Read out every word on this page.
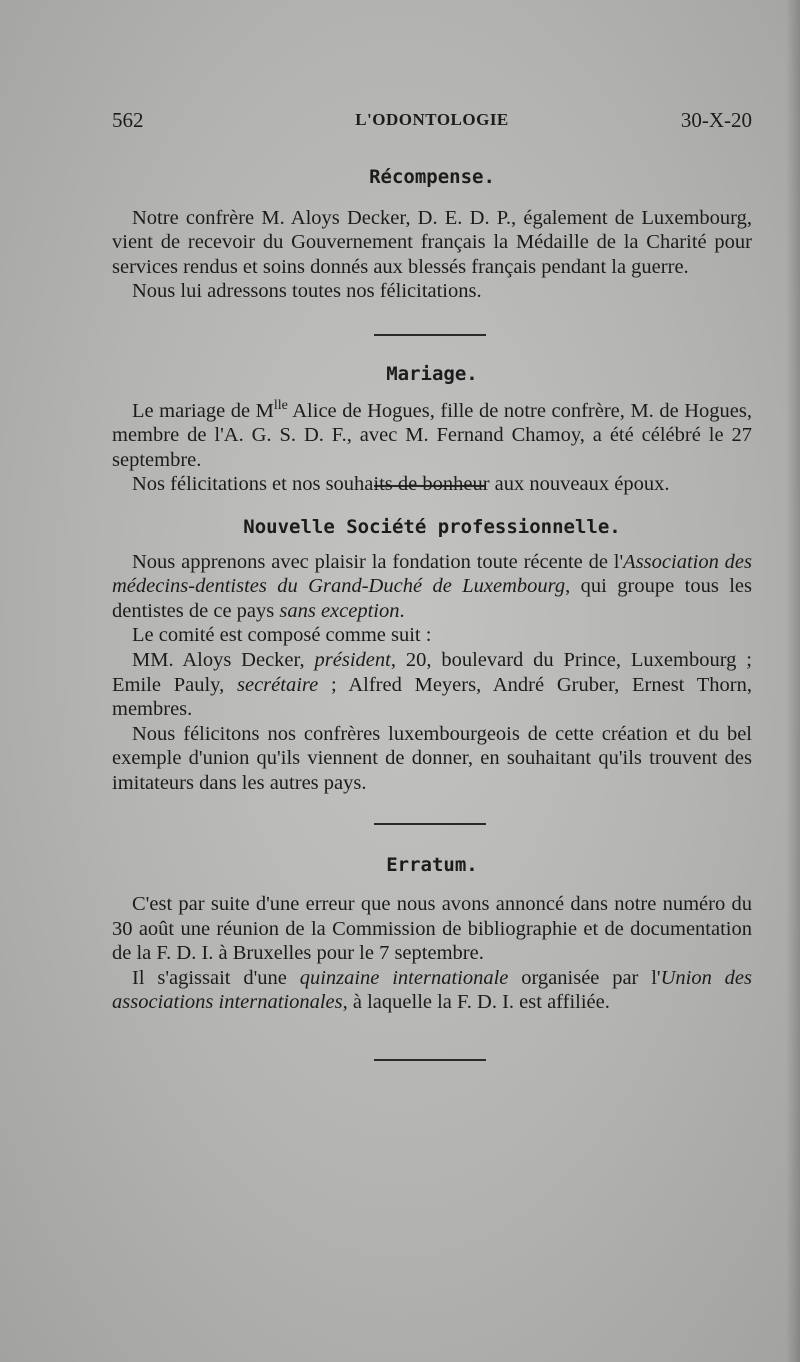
562	L'ODONTOLOGIE	30-X-20
Récompense.

Notre confrère M. Aloys Decker, D. E. D. P., également de Luxembourg, vient de recevoir du Gouvernement français la Médaille de la Charité pour services rendus et soins donnés aux blessés français pendant la guerre.

Nous lui adressons toutes nos félicitations.

Mariage.

Le mariage de $M^{lle}$ Alice de Hogues, fille de notre confrère, M. de Hogues, membre de l'A. G. S. D. F., avec M. Fernand Chamoy, a été célébré le 27 septembre.

Nos félicitations et nos souhaits de bonheur aux nouveaux époux.

Nouvelle Société professionnelle.

Nous apprenons avec plaisir la fondation toute récente de l'Association des médecins-dentistes du Grand-Duché de Luxembourg, qui groupe tous les dentistes de ce pays sans exception.

Le comité est composé comme suit :

MM. Aloys Decker, président, 20, boulevard du Prince, Luxembourg ; Emile Pauly, secrétaire ; Alfred Meyers, André Gruber, Ernest Thorn, membres.

Nous félicitons nos confrères luxembourgeois de cette création et du bel exemple d'union qu'ils viennent de donner, en souhaitant qu'ils trouvent des imitateurs dans les autres pays.

Erratum.

C'est par suite d'une erreur que nous avons annoncé dans notre numéro du 30 août une réunion de la Commission de bibliographie et de documentation de la F. D. I. à Bruxelles pour le 7 septembre.

Il s'agissait d'une quinzaine internationale organisée par l'Union des associations internationales, à laquelle la F. D. I. est affiliée.
